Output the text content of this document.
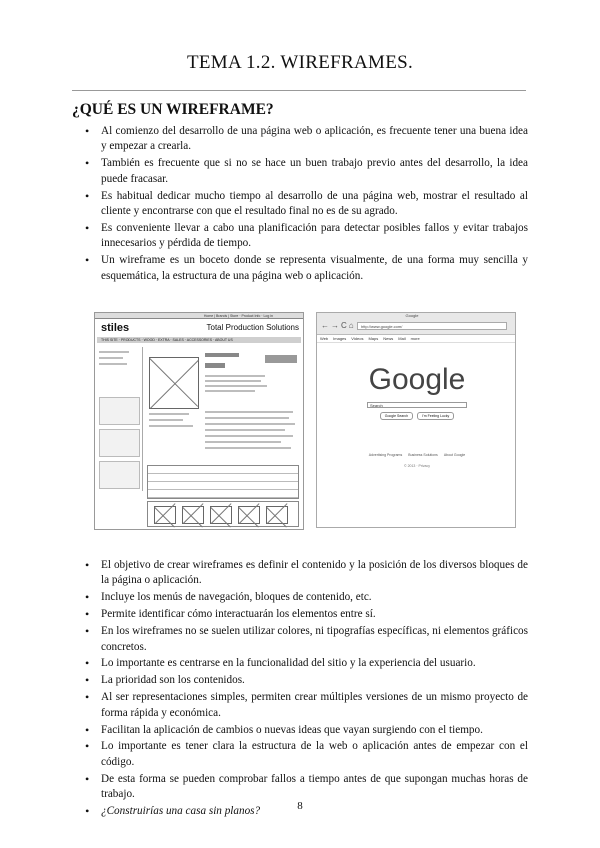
TEMA 1.2. WIREFRAMES.
¿QUÉ ES UN WIREFRAME?
• Al comienzo del desarrollo de una página web o aplicación, es frecuente tener una buena idea y empezar a crearla.
• También es frecuente que si no se hace un buen trabajo previo antes del desarrollo, la idea puede fracasar.
• Es habitual dedicar mucho tiempo al desarrollo de una página web, mostrar el resultado al cliente y encontrarse con que el resultado final no es de su agrado.
• Es conveniente llevar a cabo una planificación para detectar posibles fallos y evitar trabajos innecesarios y pérdida de tiempo.
• Un wireframe es un boceto donde se representa visualmente, de una forma muy sencilla y esquemática, la estructura de una página web o aplicación.
Home | Brands | Store · Product Info · Log in
stiles	Total Production Solutions
THIS SITE · PRODUCTS · WOOD · EXTRA · SALES · ACCESSORIES · ABOUT US
Google
←→C⌂	http://www.google.com/
Web Images Videos Maps News Mail more
Google
Search
Google Search	I'm Feeling Lucky
Advertising Programs Business Solutions About Google
© 2013 · Privacy
• El objetivo de crear wireframes es definir el contenido y la posición de los diversos bloques de la página o aplicación.
• Incluye los menús de navegación, bloques de contenido, etc.
• Permite identificar cómo interactuarán los elementos entre sí.
• En los wireframes no se suelen utilizar colores, ni tipografías específicas, ni elementos gráficos concretos.
• Lo importante es centrarse en la funcionalidad del sitio y la experiencia del usuario.
• La prioridad son los contenidos.
• Al ser representaciones simples, permiten crear múltiples versiones de un mismo proyecto de forma rápida y económica.
• Facilitan la aplicación de cambios o nuevas ideas que vayan surgiendo con el tiempo.
• Lo importante es tener clara la estructura de la web o aplicación antes de empezar con el código.
• De esta forma se pueden comprobar fallos a tiempo antes de que supongan muchas horas de trabajo.
• ¿Construirías una casa sin planos?	8
